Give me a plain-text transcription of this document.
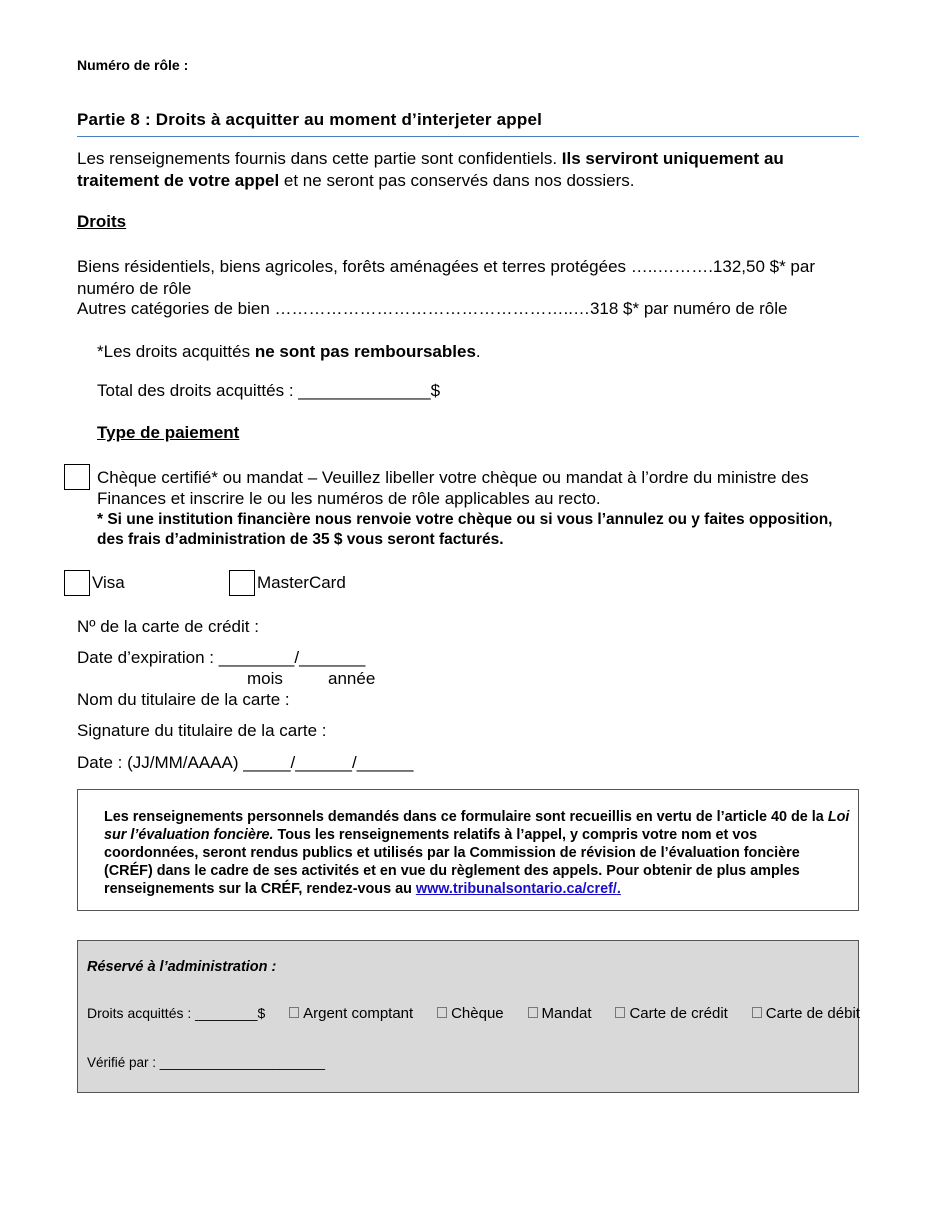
Numéro de rôle :
Partie 8 : Droits à acquitter au moment d’interjeter appel
Les renseignements fournis dans cette partie sont confidentiels. Ils serviront uniquement au traitement de votre appel et ne seront pas conservés dans nos dossiers.
Droits
Biens résidentiels, biens agricoles, forêts aménagées et terres protégées …..……….132,50 $* par numéro de rôle
Autres catégories de bien ……………………………………………..…318 $* par numéro de rôle
*Les droits acquittés ne sont pas remboursables.
Total des droits acquittés : ______________$
Type de paiement
Chèque certifié* ou mandat – Veuillez libeller votre chèque ou mandat à l’ordre du ministre des Finances et inscrire le ou les numéros de rôle applicables au recto.
* Si une institution financière nous renvoie votre chèque ou si vous l’annulez ou y faites opposition, des frais d’administration de 35 $ vous seront facturés.
Visa	MasterCard
Nº de la carte de crédit :
Date d’expiration : ________/_______
mois	année
Nom du titulaire de la carte :
Signature du titulaire de la carte :
Date : (JJ/MM/AAAA) _____/______/______
Les renseignements personnels demandés dans ce formulaire sont recueillis en vertu de l’article 40 de la Loi sur l’évaluation foncière. Tous les renseignements relatifs à l’appel, y compris votre nom et vos coordonnées, seront rendus publics et utilisés par la Commission de révision de l’évaluation foncière (CRÉF) dans le cadre de ses activités et en vue du règlement des appels. Pour obtenir de plus amples renseignements sur la CRÉF, rendez-vous au www.tribunalsontario.ca/cref/.
Réservé à l’administration :
Droits acquittés : ________$	Argent comptant	Chèque	Mandat	Carte de crédit	Carte de débit
Vérifié par : ______________________
